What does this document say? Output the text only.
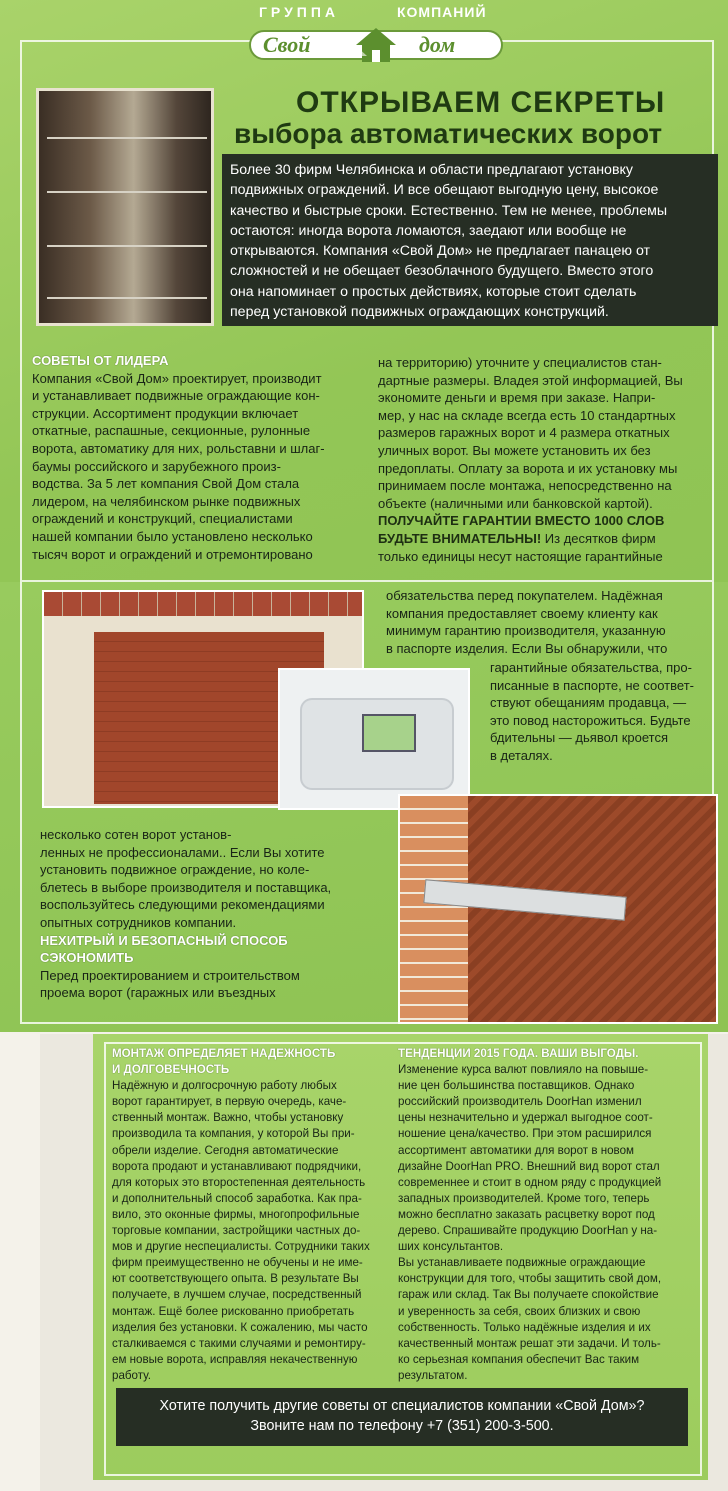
ГРУППА	КОМПАНИЙ
Свой	дом
ОТКРЫВАЕМ СЕКРЕТЫ
выбора автоматических ворот
Более 30 фирм Челябинска и области предлагают установку
подвижных ограждений. И все обещают выгодную цену, высокое
качество и быстрые сроки. Естественно. Тем не менее, проблемы
остаются: иногда ворота ломаются, заедают или вообще не
открываются. Компания «Свой Дом» не предлагает панацею от
сложностей и не обещает безоблачного будущего. Вместо этого
она напоминает о простых действиях, которые стоит сделать
перед установкой подвижных ограждающих конструкций.
СОВЕТЫ ОТ ЛИДЕРА
Компания «Свой Дом» проектирует, производит
и устанавливает подвижные ограждающие кон-
струкции. Ассортимент продукции включает
откатные, распашные, секционные, рулонные
ворота, автоматику для них, рольставни и шлаг-
баумы российского и зарубежного произ-
водства. За 5 лет компания Свой Дом стала
лидером, на челябинском рынке подвижных
ограждений и конструкций, специалистами
нашей компании было установлено несколько
тысяч ворот и ограждений и отремонтировано
на территорию) уточните у специалистов стан-
дартные размеры. Владея этой информацией, Вы
экономите деньги и время при заказе. Напри-
мер, у нас на складе всегда есть 10 стандартных
размеров гаражных ворот и 4 размера откатных
уличных ворот. Вы можете установить их без
предоплаты. Оплату за ворота и их установку мы
принимаем после монтажа, непосредственно на
объекте (наличными или банковской картой).
ПОЛУЧАЙТЕ ГАРАНТИИ ВМЕСТО 1000 СЛОВ
БУДЬТЕ ВНИМАТЕЛЬНЫ! Из десятков фирм
только единицы несут настоящие гарантийные
обязательства перед покупателем. Надёжная
компания предоставляет своему клиенту как
минимум гарантию производителя, указанную
в паспорте изделия. Если Вы обнаружили, что
гарантийные обязательства, про-
писанные в паспорте, не соответ-
ствуют обещаниям продавца, —
это повод насторожиться. Будьте
бдительны — дьявол кроется
в деталях.
несколько сотен ворот установ-
ленных не профессионалами.. Если Вы хотите
установить подвижное ограждение, но коле-
блетесь в выборе производителя и поставщика,
воспользуйтесь следующими рекомендациями
опытных сотрудников компании.
НЕХИТРЫЙ И БЕЗОПАСНЫЙ СПОСОБ
СЭКОНОМИТЬ
Перед проектированием и строительством
проема ворот (гаражных или въездных
МОНТАЖ ОПРЕДЕЛЯЕТ НАДЕЖНОСТЬ
И ДОЛГОВЕЧНОСТЬ
Надёжную и долгосрочную работу любых
ворот гарантирует, в первую очередь, каче-
ственный монтаж. Важно, чтобы установку
производила та компания, у которой Вы при-
обрели изделие. Сегодня автоматические
ворота продают и устанавливают подрядчики,
для которых это второстепенная деятельность
и дополнительный способ заработка. Как пра-
вило, это оконные фирмы, многопрофильные
торговые компании, застройщики частных до-
мов и другие неспециалисты. Сотрудники таких
фирм преимущественно не обучены и не име-
ют соответствующего опыта. В результате Вы
получаете, в лучшем случае, посредственный
монтаж. Ещё более рискованно приобретать
изделия без установки. К сожалению, мы часто
сталкиваемся с такими случаями и ремонтиру-
ем новые ворота, исправляя некачественную
работу.
ТЕНДЕНЦИИ 2015 ГОДА. ВАШИ ВЫГОДЫ.
Изменение курса валют повлияло на повыше-
ние цен большинства поставщиков. Однако
российский производитель DoorHan изменил
цены незначительно и удержал выгодное соот-
ношение цена/качество. При этом расширился
ассортимент автоматики для ворот в новом
дизайне DoorHan PRO. Внешний вид ворот стал
современнее и стоит в одном ряду с продукцией
западных производителей. Кроме того, теперь
можно бесплатно заказать расцветку ворот под
дерево. Спрашивайте продукцию DoorHan у на-
ших консультантов.
Вы устанавливаете подвижные ограждающие
конструкции для того, чтобы защитить свой дом,
гараж или склад. Так Вы получаете спокойствие
и уверенность за себя, своих близких и свою
собственность. Только надёжные изделия и их
качественный монтаж решат эти задачи. И толь-
ко серьезная компания обеспечит Вас таким
результатом.
Хотите получить другие советы от специалистов компании «Свой Дом»?
Звоните нам по телефону +7 (351) 200-3-500.
